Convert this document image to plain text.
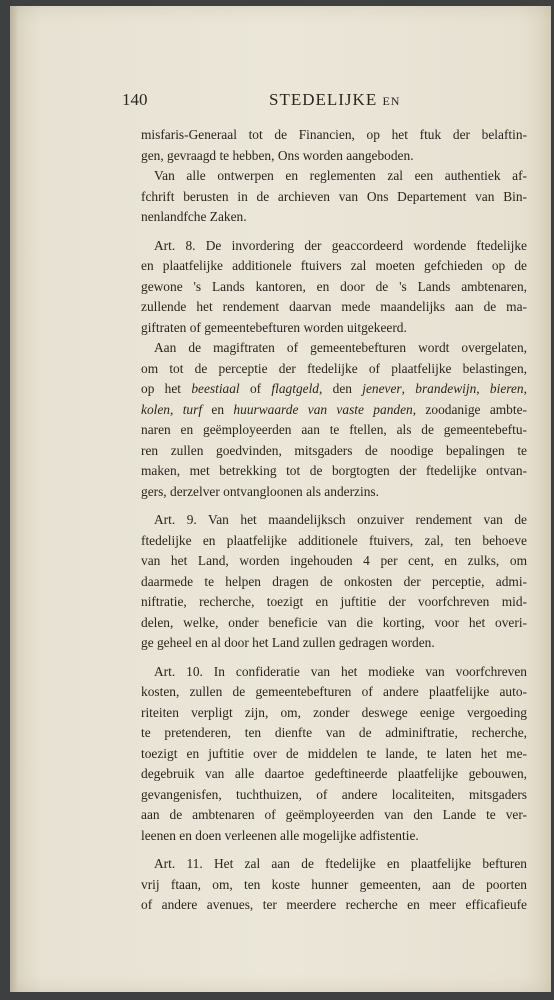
140	STEDELIJKE EN
misfaris-Generaal tot de Financien, op het ftuk der belaftin-
gen, gevraagd te hebben, Ons worden aangeboden.
Van alle ontwerpen en reglementen zal een authentiek af-
fchrift berusten in de archieven van Ons Departement van Bin-
nenlandfche Zaken.
Art. 8. De invordering der geaccordeerd wordende ftedelijke
en plaatfelijke additionele ftuivers zal moeten gefchieden op de
gewone 's Lands kantoren, en door de 's Lands ambtenaren,
zullende het rendement daarvan mede maandelijks aan de ma-
giftraten of gemeentebefturen worden uitgekeerd.
Aan de magiftraten of gemeentebefturen wordt overgelaten,
om tot de perceptie der ftedelijke of plaatfelijke belastingen,
op het beestiaal of flagtgeld, den jenever, brandewijn, bieren,
kolen, turf en huurwaarde van vaste panden, zoodanige ambte-
naren en geëmployeerden aan te ftellen, als de gemeentebeftu-
ren zullen goedvinden, mitsgaders de noodige bepalingen te
maken, met betrekking tot de borgtogten der ftedelijke ontvan-
gers, derzelver ontvangloonen als anderzins.
Art. 9. Van het maandelijksch onzuiver rendement van de
ftedelijke en plaatfelijke additionele ftuivers, zal, ten behoeve
van het Land, worden ingehouden 4 per cent, en zulks, om
daarmede te helpen dragen de onkosten der perceptie, admi-
niftratie, recherche, toezigt en juftitie der voorfchreven mid-
delen, welke, onder beneficie van die korting, voor het overi-
ge geheel en al door het Land zullen gedragen worden.
Art. 10. In confideratie van het modieke van voorfchreven
kosten, zullen de gemeentebefturen of andere plaatfelijke auto-
riteiten verpligt zijn, om, zonder deswege eenige vergoeding
te pretenderen, ten dienfte van de adminiftratie, recherche,
toezigt en juftitie over de middelen te lande, te laten het me-
degebruik van alle daartoe gedeftineerde plaatfelijke gebouwen,
gevangenisfen, tuchthuizen, of andere localiteiten, mitsgaders
aan de ambtenaren of geëmployeerden van den Lande te ver-
leenen en doen verleenen alle mogelijke adfistentie.
Art. 11. Het zal aan de ftedelijke en plaatfelijke befturen
vrij ftaan, om, ten koste hunner gemeenten, aan de poorten
of andere avenues, ter meerdere recherche en meer efficafieufe
